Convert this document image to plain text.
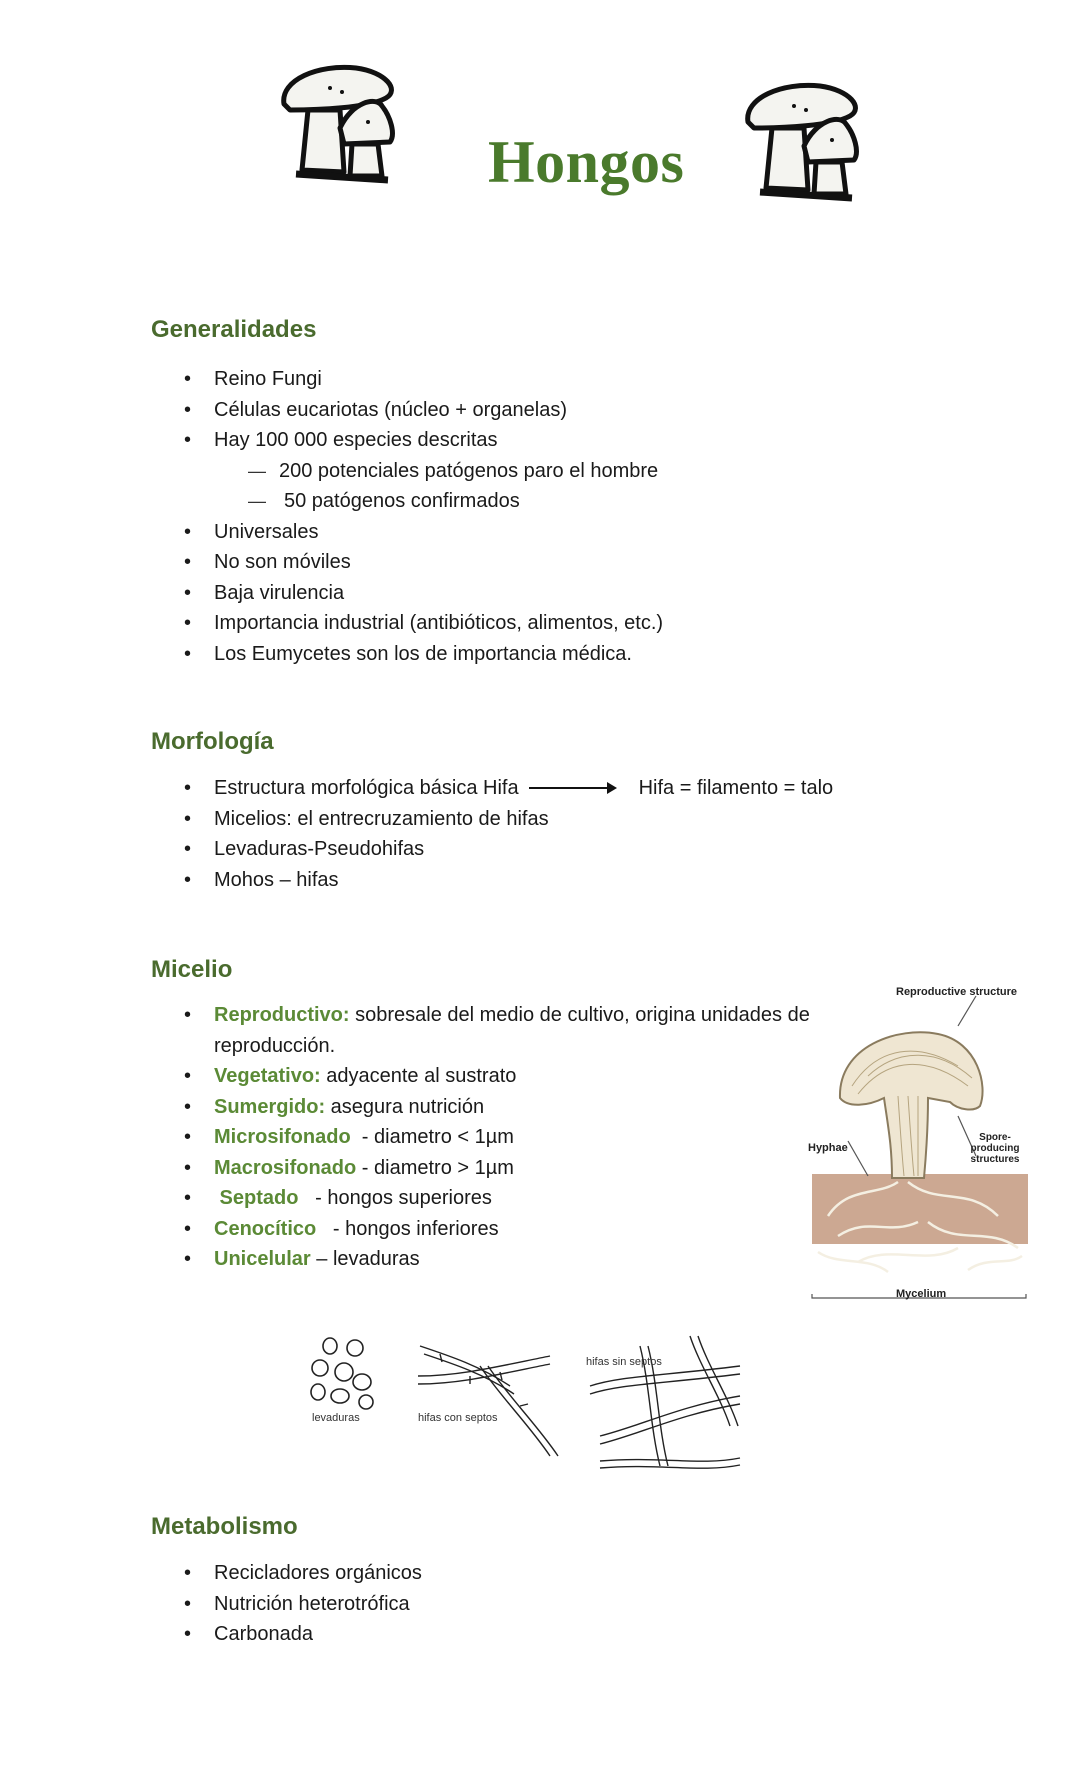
Hongos
Generalidades
• Reino Fungi
• Células eucariotas (núcleo + organelas)
• Hay 100 000 especies descritas
— 200 potenciales patógenos paro el hombre
— 50 patógenos confirmados
• Universales
• No son móviles
• Baja virulencia
• Importancia industrial (antibióticos, alimentos, etc.)
• Los Eumycetes son los de importancia médica.
Morfología
• Estructura morfológica básica Hifa	Hifa = filamento = talo
• Micelios: el entrecruzamiento de hifas
• Levaduras-Pseudohifas
• Mohos – hifas
Micelio
• Reproductivo: sobresale del medio de cultivo, origina unidades de reproducción.
• Vegetativo: adyacente al sustrato
• Sumergido: asegura nutrición
• Microsifonado  - diametro < 1µm
• Macrosifonado - diametro > 1µm
•  Septado   - hongos superiores
• Cenocítico   - hongos inferiores
• Unicelular – levaduras
Reproductive structure
Hyphae
Spore-
producing
structures
Mycelium
levaduras	hifas con septos
hifas sin septos
Metabolismo
• Recicladores orgánicos
• Nutrición heterotrófica
• Carbonada
